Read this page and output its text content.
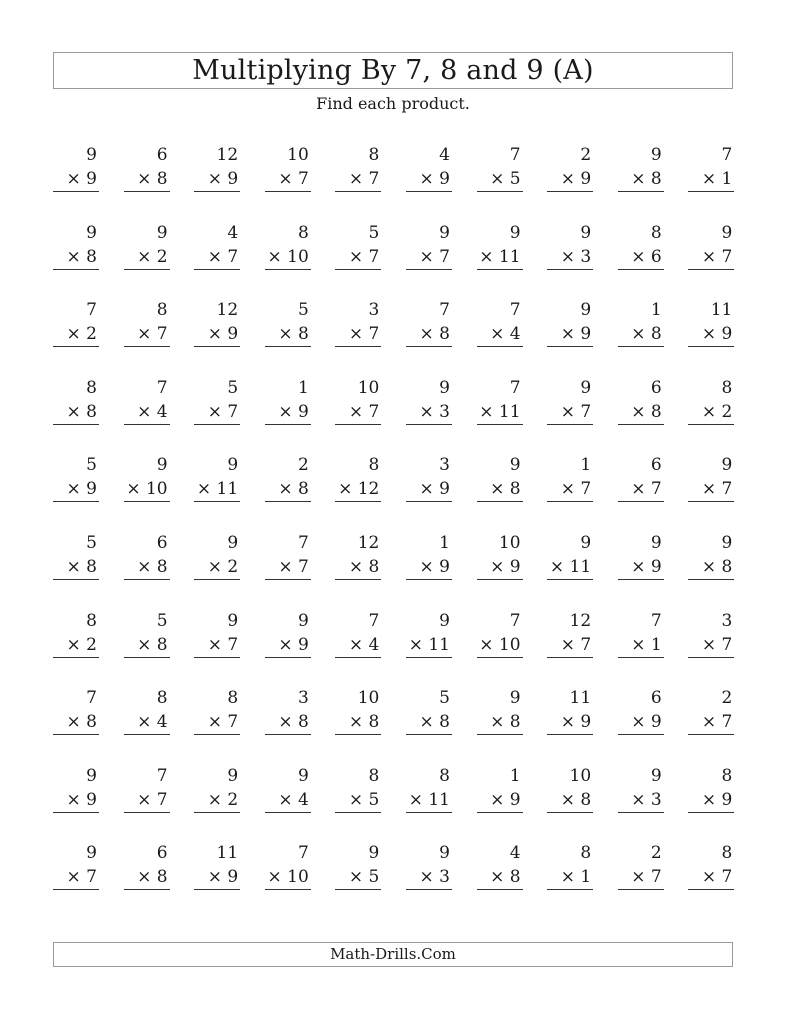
Multiplying By 7, 8 and 9 (A)
Find each product.
9
× 9
6
× 8
12
× 9
10
× 7
8
× 7
4
× 9
7
× 5
2
× 9
9
× 8
7
× 1
9
× 8
9
× 2
4
× 7
8
× 10
5
× 7
9
× 7
9
× 11
9
× 3
8
× 6
9
× 7
7
× 2
8
× 7
12
× 9
5
× 8
3
× 7
7
× 8
7
× 4
9
× 9
1
× 8
11
× 9
8
× 8
7
× 4
5
× 7
1
× 9
10
× 7
9
× 3
7
× 11
9
× 7
6
× 8
8
× 2
5
× 9
9
× 10
9
× 11
2
× 8
8
× 12
3
× 9
9
× 8
1
× 7
6
× 7
9
× 7
5
× 8
6
× 8
9
× 2
7
× 7
12
× 8
1
× 9
10
× 9
9
× 11
9
× 9
9
× 8
8
× 2
5
× 8
9
× 7
9
× 9
7
× 4
9
× 11
7
× 10
12
× 7
7
× 1
3
× 7
7
× 8
8
× 4
8
× 7
3
× 8
10
× 8
5
× 8
9
× 8
11
× 9
6
× 9
2
× 7
9
× 9
7
× 7
9
× 2
9
× 4
8
× 5
8
× 11
1
× 9
10
× 8
9
× 3
8
× 9
9
× 7
6
× 8
11
× 9
7
× 10
9
× 5
9
× 3
4
× 8
8
× 1
2
× 7
8
× 7
Math-Drills.Com
